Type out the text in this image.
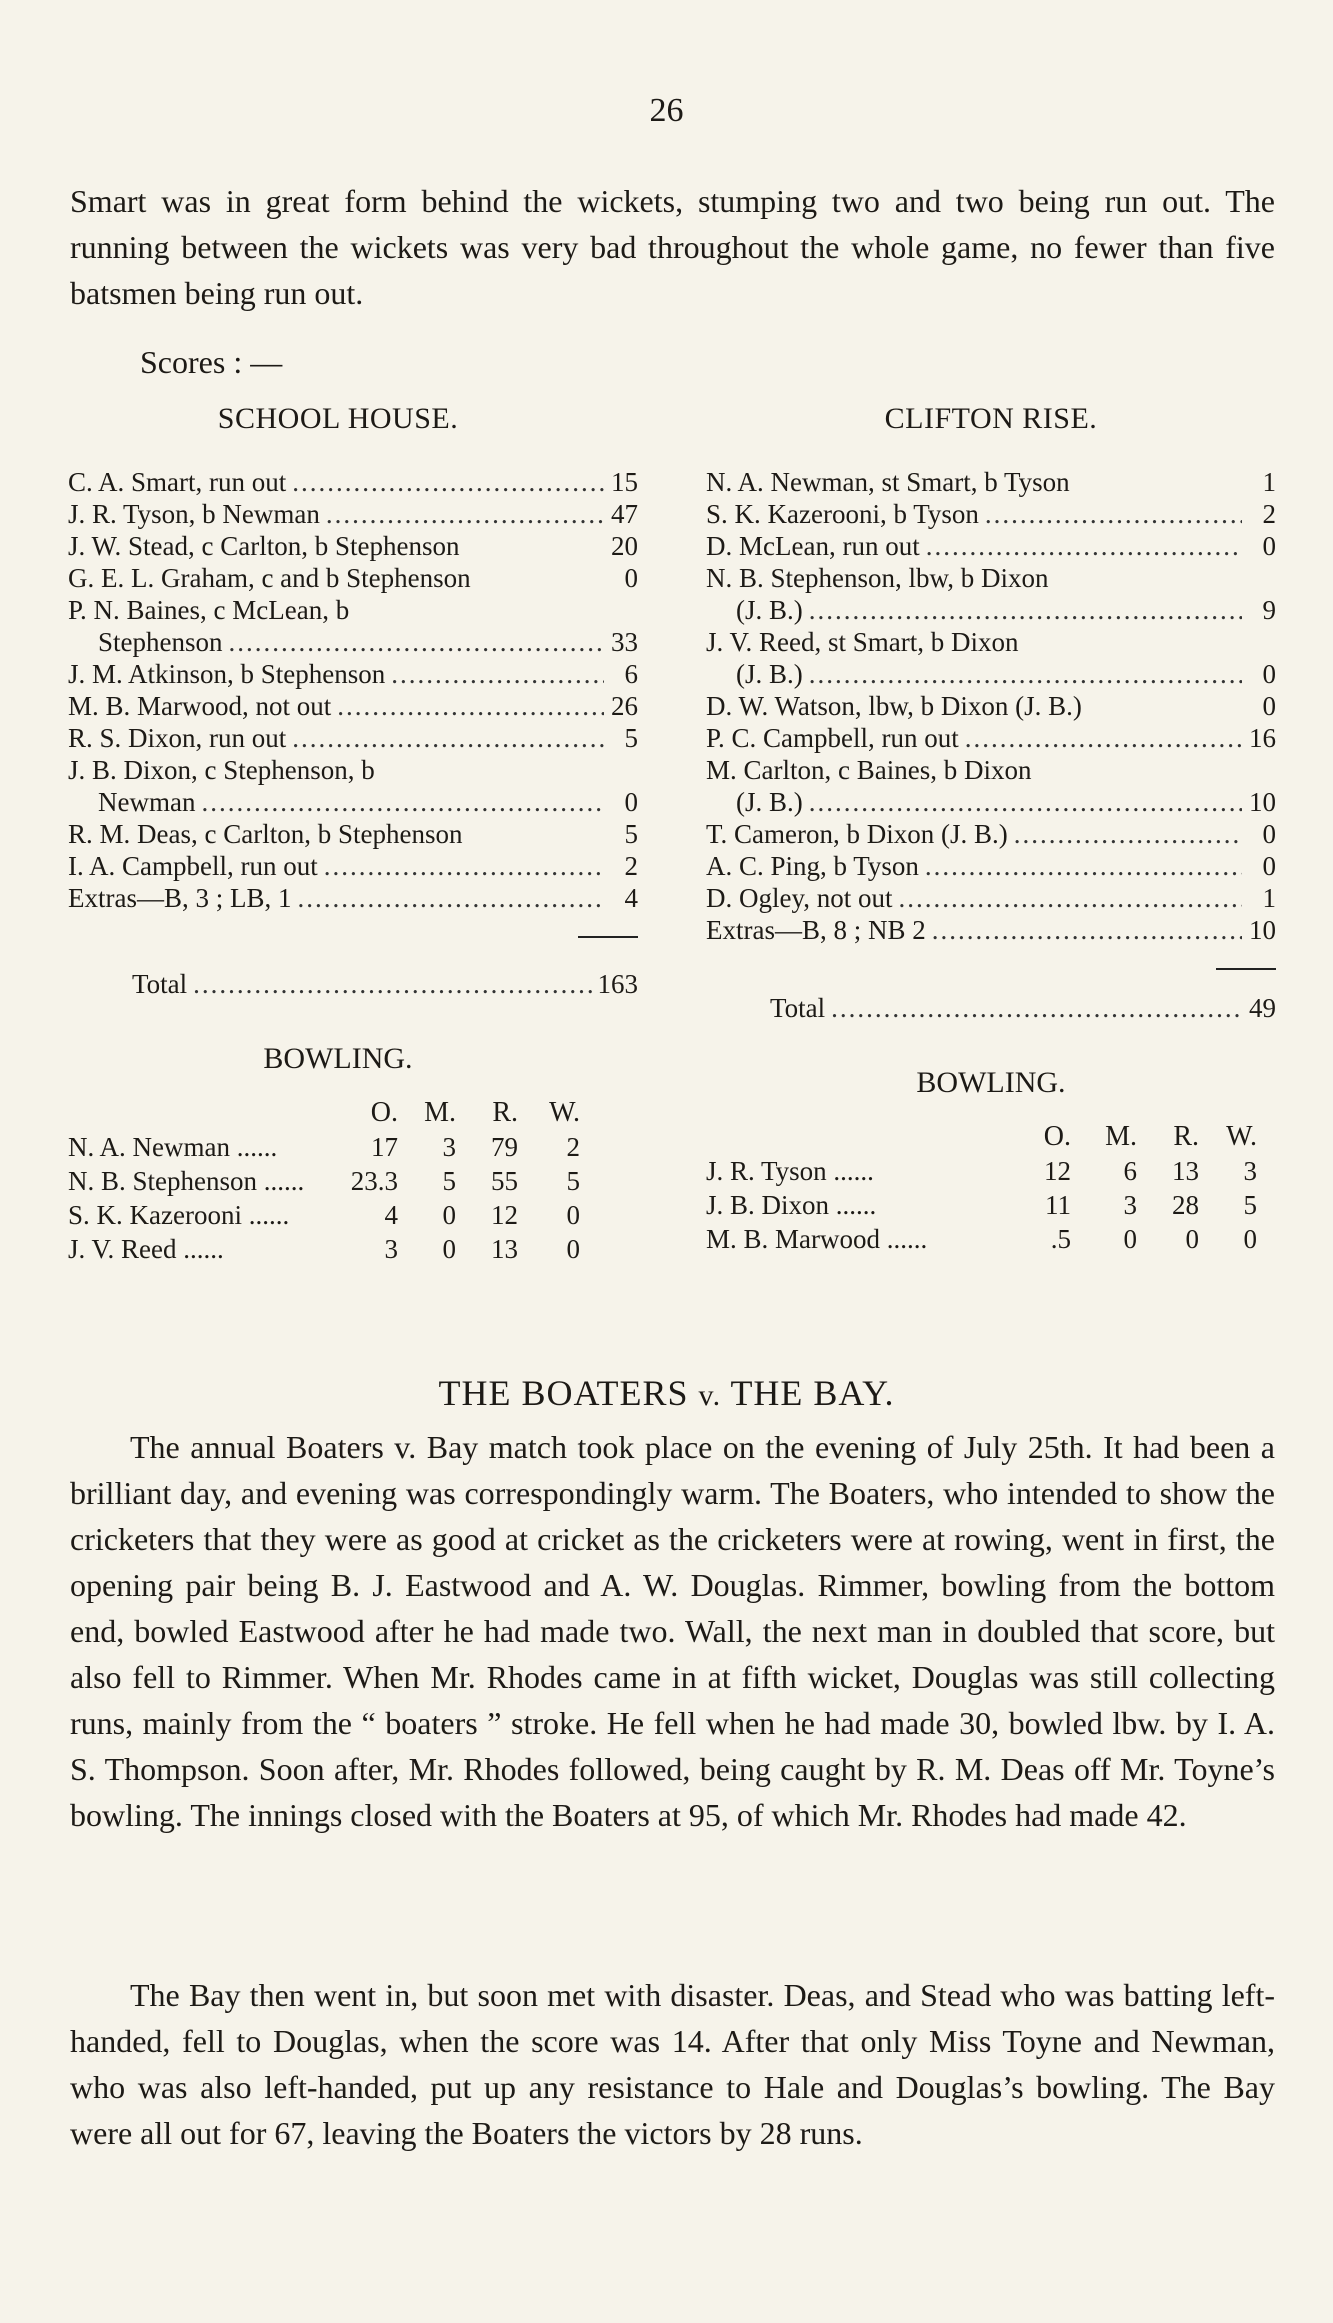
26

Smart was in great form behind the wickets, stumping two and two being run out. The running between the wickets was very bad throughout the whole game, no fewer than five batsmen being run out.

Scores : —
SCHOOL HOUSE.
C. A. Smart, run out .....	15
J. R. Tyson, b Newman .....	47
J. W. Stead, c Carlton, b Stephenson	20
G. E. L. Graham, c and b Stephenson	0
P. N. Baines, c McLean, b
Stephenson .....	33
J. M. Atkinson, b Stephenson .....	6
M. B. Marwood, not out .....	26
R. S. Dixon, run out .....	5
J. B. Dixon, c Stephenson, b
Newman .....	0
R. M. Deas, c Carlton, b Stephenson	5
I. A. Campbell, run out .....	2
Extras—B, 3 ; LB, 1 .....	4
Total .....	163
BOWLING.
	O.	M.	R.	W.
N. A. Newman ......	17	3	79	2
N. B. Stephenson ......	23.3	5	55	5
S. K. Kazerooni ......	4	0	12	0
J. V. Reed ......	3	0	13	0
CLIFTON RISE.
N. A. Newman, st Smart, b Tyson	1
S. K. Kazerooni, b Tyson .....	2
D. McLean, run out .....	0
N. B. Stephenson, lbw, b Dixon
(J. B.) .....	9
J. V. Reed, st Smart, b Dixon
(J. B.) .....	0
D. W. Watson, lbw, b Dixon (J. B.)	0
P. C. Campbell, run out .....	16
M. Carlton, c Baines, b Dixon
(J. B.) .....	10
T. Cameron, b Dixon (J. B.) .....	0
A. C. Ping, b Tyson .....	0
D. Ogley, not out .....	1
Extras—B, 8 ; NB 2 .....	10
Total .....	49
BOWLING.
	O.	M.	R.	W.
J. R. Tyson ......	12	6	13	3
J. B. Dixon ......	11	3	28	5
M. B. Marwood ......	.5	0	0	0
THE BOATERS v. THE BAY.

The annual Boaters v. Bay match took place on the evening of July 25th. It had been a brilliant day, and evening was correspondingly warm. The Boaters, who intended to show the cricketers that they were as good at cricket as the cricketers were at rowing, went in first, the opening pair being B. J. Eastwood and A. W. Douglas. Rimmer, bowling from the bottom end, bowled Eastwood after he had made two. Wall, the next man in doubled that score, but also fell to Rimmer. When Mr. Rhodes came in at fifth wicket, Douglas was still collecting runs, mainly from the “ boaters ” stroke. He fell when he had made 30, bowled lbw. by I. A. S. Thompson. Soon after, Mr. Rhodes followed, being caught by R. M. Deas off Mr. Toyne’s bowling. The innings closed with the Boaters at 95, of which Mr. Rhodes had made 42.

The Bay then went in, but soon met with disaster. Deas, and Stead who was batting left-handed, fell to Douglas, when the score was 14. After that only Miss Toyne and Newman, who was also left-handed, put up any resistance to Hale and Douglas’s bowling. The Bay were all out for 67, leaving the Boaters the victors by 28 runs.
